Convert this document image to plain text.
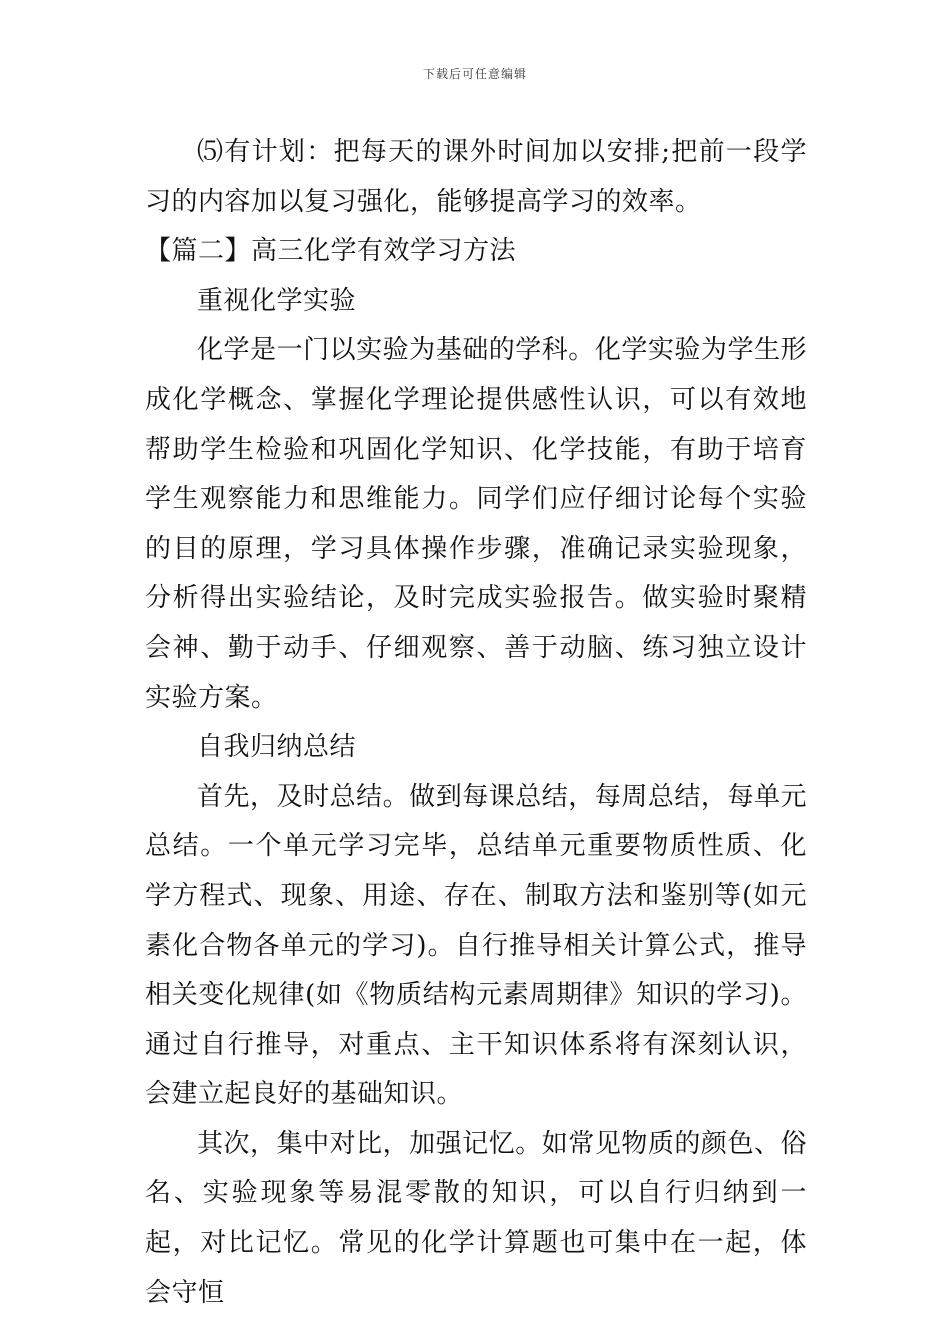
下载后可任意编辑

⑸有计划：把每天的课外时间加以安排;把前一段学习的内容加以复习强化，能够提高学习的效率。

【篇二】高三化学有效学习方法

重视化学实验

化学是一门以实验为基础的学科。化学实验为学生形成化学概念、掌握化学理论提供感性认识，可以有效地帮助学生检验和巩固化学知识、化学技能，有助于培育学生观察能力和思维能力。同学们应仔细讨论每个实验的目的原理，学习具体操作步骤，准确记录实验现象，分析得出实验结论，及时完成实验报告。做实验时聚精会神、勤于动手、仔细观察、善于动脑、练习独立设计实验方案。

自我归纳总结

首先，及时总结。做到每课总结，每周总结，每单元总结。一个单元学习完毕，总结单元重要物质性质、化学方程式、现象、用途、存在、制取方法和鉴别等(如元素化合物各单元的学习)。自行推导相关计算公式，推导相关变化规律(如《物质结构元素周期律》知识的学习)。通过自行推导，对重点、主干知识体系将有深刻认识，会建立起良好的基础知识。

其次，集中对比，加强记忆。如常见物质的颜色、俗名、实验现象等易混零散的知识，可以自行归纳到一起，对比记忆。常见的化学计算题也可集中在一起，体会守恒
